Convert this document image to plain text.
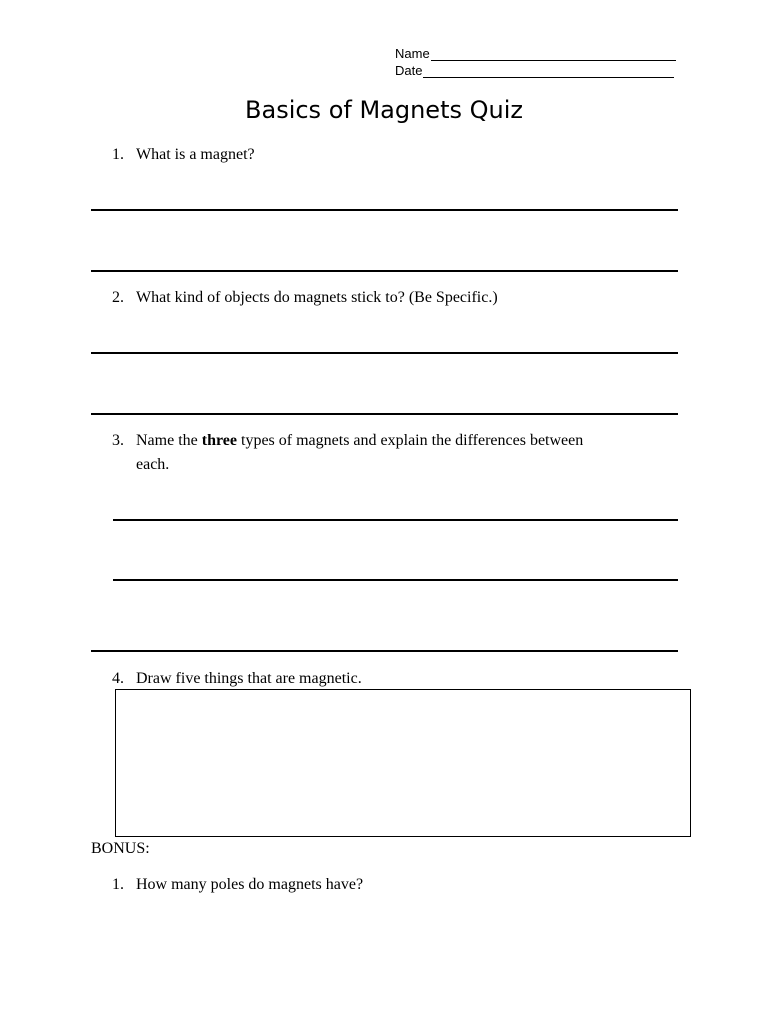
Name
Date
Basics of Magnets Quiz
1. What is a magnet?
2. What kind of objects do magnets stick to? (Be Specific.)
3. Name the three types of magnets and explain the differences between
each.
4. Draw five things that are magnetic.
BONUS:
1. How many poles do magnets have?
